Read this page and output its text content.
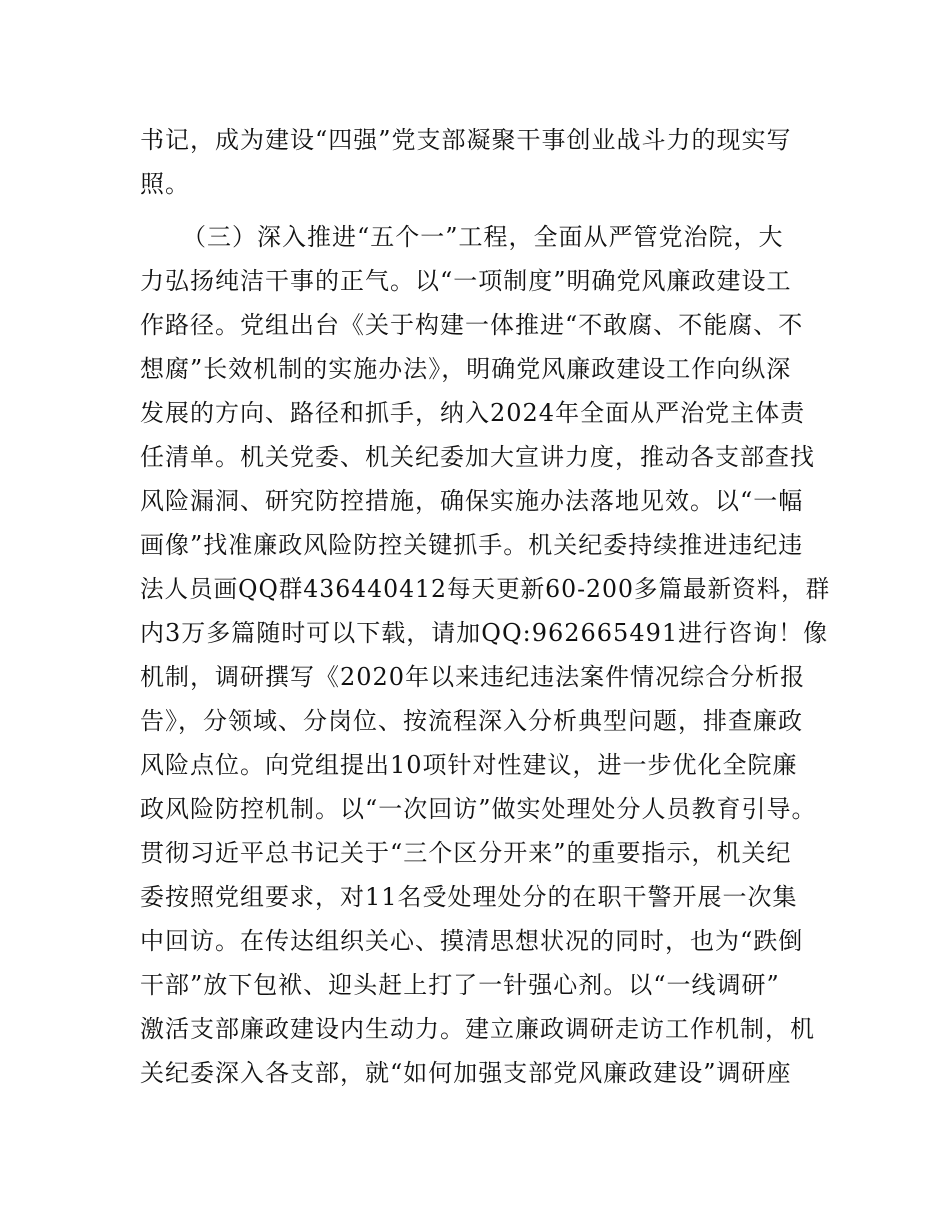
书记，成为建设“四强”党支部凝聚干事创业战斗力的现实写
照。
（三）深入推进“五个一”工程，全面从严管党治院，大
力弘扬纯洁干事的正气。以“一项制度”明确党风廉政建设工
作路径。党组出台《关于构建一体推进“不敢腐、不能腐、不
想腐”长效机制的实施办法》，明确党风廉政建设工作向纵深
发展的方向、路径和抓手，纳入2024年全面从严治党主体责
任清单。机关党委、机关纪委加大宣讲力度，推动各支部查找
风险漏洞、研究防控措施，确保实施办法落地见效。以“一幅
画像”找准廉政风险防控关键抓手。机关纪委持续推进违纪违
法人员画QQ群436440412每天更新60-200多篇最新资料，群
内3万多篇随时可以下载，请加QQ:962665491进行咨询！像
机制，调研撰写《2020年以来违纪违法案件情况综合分析报
告》，分领域、分岗位、按流程深入分析典型问题，排查廉政
风险点位。向党组提出10项针对性建议，进一步优化全院廉
政风险防控机制。以“一次回访”做实处理处分人员教育引导。
贯彻习近平总书记关于“三个区分开来”的重要指示，机关纪
委按照党组要求，对11名受处理处分的在职干警开展一次集
中回访。在传达组织关心、摸清思想状况的同时，也为“跌倒
干部”放下包袱、迎头赶上打了一针强心剂。以“一线调研”
激活支部廉政建设内生动力。建立廉政调研走访工作机制，机
关纪委深入各支部，就“如何加强支部党风廉政建设”调研座
